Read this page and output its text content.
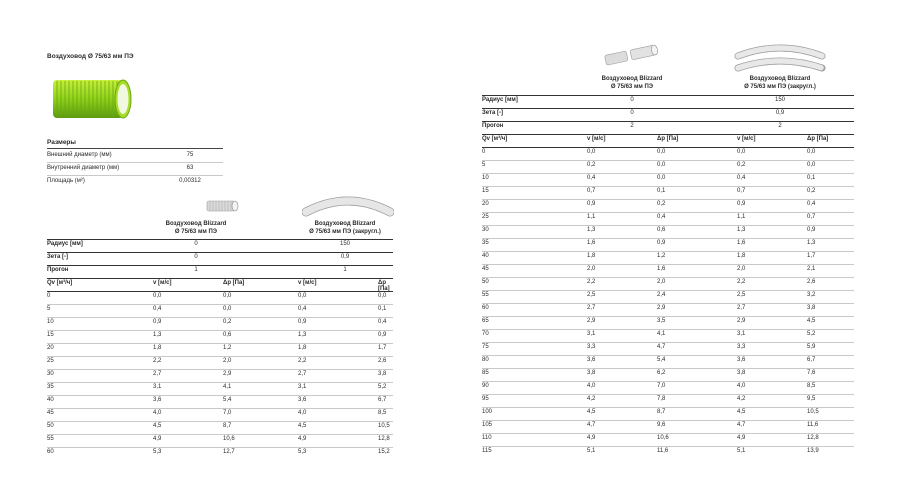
Воздуховод Ø 75/63 мм ПЭ
Размеры
Внешний диаметр (мм)	75
Внутренний диаметр (мм)	63
Площадь (м²)	0,00312
Воздуховод Blizzard
Ø 75/63 мм ПЭ
Воздуховод Blizzard
Ø 75/63 мм ПЭ (закругл.)
Радиус [мм]	0	150
Зета [-]	0	0,9
Прогон	1	1
Qv [м³/ч]	v [м/с]	Δp [Па]	v [м/с]	Δp [Па]
0	0,0	0,0	0,0	0,0
5	0,4	0,0	0,4	0,1
10	0,9	0,2	0,9	0,4
15	1,3	0,6	1,3	0,9
20	1,8	1,2	1,8	1,7
25	2,2	2,0	2,2	2,6
30	2,7	2,9	2,7	3,8
35	3,1	4,1	3,1	5,2
40	3,6	5,4	3,6	6,7
45	4,0	7,0	4,0	8,5
50	4,5	8,7	4,5	10,5
55	4,9	10,6	4,9	12,8
60	5,3	12,7	5,3	15,2
Воздуховод Blizzard
Ø 75/63 мм ПЭ
Воздуховод Blizzard
Ø 75/63 мм ПЭ (закругл.)
Радиус [мм]	0	150
Зета [-]	0	0,9
Прогон	2	2
Qv [м³/ч]	v [м/с]	Δp [Па]	v [м/с]	Δp [Па]
0	0,0	0,0	0,0	0,0
5	0,2	0,0	0,2	0,0
10	0,4	0,0	0,4	0,1
15	0,7	0,1	0,7	0,2
20	0,9	0,2	0,9	0,4
25	1,1	0,4	1,1	0,7
30	1,3	0,6	1,3	0,9
35	1,6	0,9	1,6	1,3
40	1,8	1,2	1,8	1,7
45	2,0	1,6	2,0	2,1
50	2,2	2,0	2,2	2,6
55	2,5	2,4	2,5	3,2
60	2,7	2,9	2,7	3,8
65	2,9	3,5	2,9	4,5
70	3,1	4,1	3,1	5,2
75	3,3	4,7	3,3	5,9
80	3,6	5,4	3,6	6,7
85	3,8	6,2	3,8	7,6
90	4,0	7,0	4,0	8,5
95	4,2	7,8	4,2	9,5
100	4,5	8,7	4,5	10,5
105	4,7	9,6	4,7	11,6
110	4,9	10,6	4,9	12,8
115	5,1	11,6	5,1	13,9
